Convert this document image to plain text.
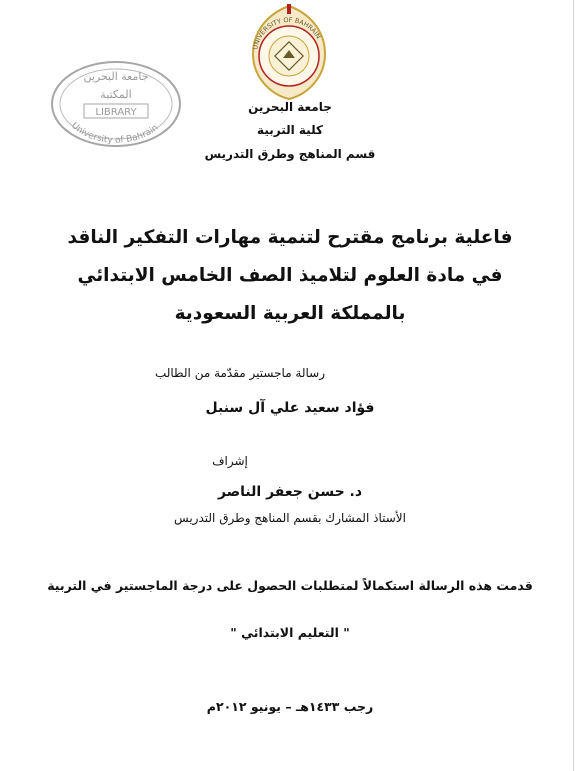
UNIVERSITY OF BAHRAIN
جامعة البحرين
المكتبة
LIBRARY
University of Bahrain
جامعة البحرين
كلية التربية
قسم المناهج وطرق التدريس
فاعلية برنامج مقترح لتنمية مهارات التفكير الناقد
في مادة العلوم لتلاميذ الصف الخامس الابتدائي
بالمملكة العربية السعودية
رسالة ماجستير مقدّمة من الطالب
فؤاد سعيد علي آل سنبل
إشراف
د. حسن جعفر الناصر
الأستاذ المشارك بقسم المناهج وطرق التدريس
قدمت هذه الرسالة استكمالاً لمتطلبات الحصول على درجة الماجستير في التربية
" التعليم الابتدائي "
رجب ١٤٣٣هـ – يونيو ٢٠١٢م
